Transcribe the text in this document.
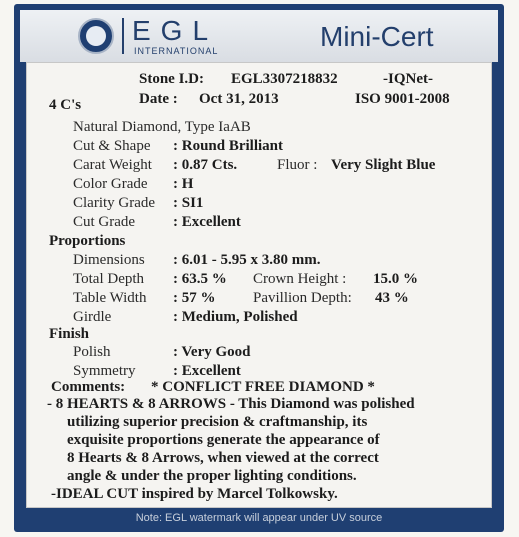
EGL
INTERNATIONAL	Mini-Cert
Stone I.D: EGL3307218832	-IQNet-
Date : Oct 31, 2013	ISO 9001-2008
4 C's
Natural Diamond, Type IaAB
Cut & Shape : Round Brilliant
Carat Weight : 0.87 Cts.	Fluor : Very Slight Blue
Color Grade : H
Clarity Grade : SI1
Cut Grade	: Excellent
Proportions
Dimensions : 6.01 - 5.95 x 3.80 mm.
Total Depth : 63.5 % Crown Height : 15.0 %
Table Width : 57 %	Pavillion Depth: 43 %
Girdle	: Medium, Polished
Finish
Polish	: Very Good
Symmetry	: Excellent
Comments: * CONFLICT FREE DIAMOND *
- 8 HEARTS & 8 ARROWS - This Diamond was polished
utilizing superior precision & craftmanship, its
exquisite proportions generate the appearance of
8 Hearts & 8 Arrows, when viewed at the correct
angle & under the proper lighting conditions.
-IDEAL CUT inspired by Marcel Tolkowsky.
Note: EGL watermark will appear under UV source
